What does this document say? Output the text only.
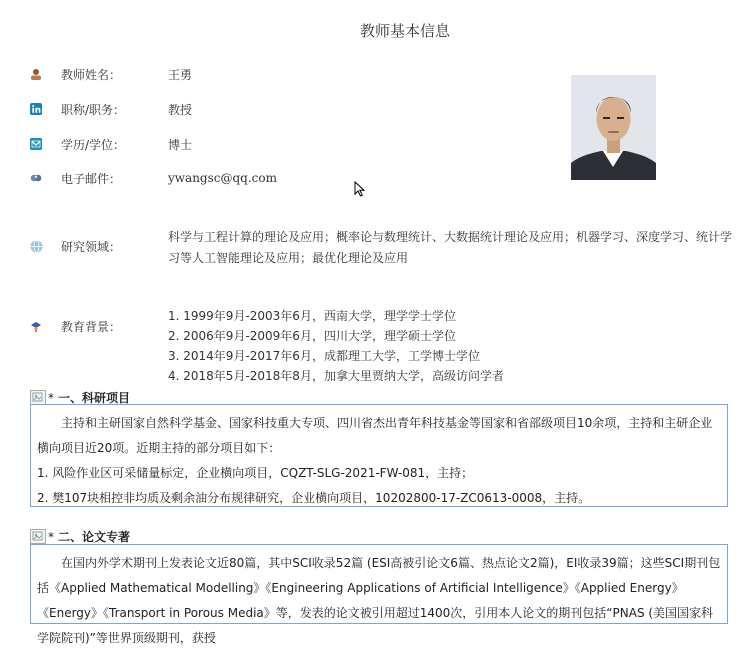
教师基本信息
教师姓名：	王勇
职称/职务：	教授
学历/学位：	博士
电子邮件：	ywangsc@qq.com
研究领域：
科学与工程计算的理论及应用；概率论与数理统计、大数据统计理论及应用；机器学习、深度学习、统计学习等人工智能理论及应用；最优化理论及应用
教育背景：
1. 1999年9月-2003年6月，西南大学，理学学士学位
2. 2006年9月-2009年6月，四川大学，理学硕士学位
3. 2014年9月-2017年6月，成都理工大学，工学博士学位
4. 2018年5月-2018年8月，加拿大里贾纳大学，高级访问学者
* 一、科研项目

主持和主研国家自然科学基金、国家科技重大专项、四川省杰出青年科技基金等国家和省部级项目10余项，主持和主研企业横向项目近20项。近期主持的部分项目如下：

1. 风险作业区可采储量标定，企业横向项目，CQZT-SLG-2021-FW-081，主持；

2. 樊107块相控非均质及剩余油分布规律研究，企业横向项目，10202800-17-ZC0613-0008，主持。

* 二、论文专著

在国内外学术期刊上发表论文近80篇，其中SCI收录52篇 (ESI高被引论文6篇、热点论文2篇)，EI收录39篇；这些SCI期刊包括《Applied Mathematical Modelling》《Engineering Applications of Artificial Intelligence》《Applied Energy》《Energy》《Transport in Porous Media》等，发表的论文被引用超过1400次，引用本人论文的期刊包括“PNAS (美国国家科学院院刊)”等世界顶级期刊，获授
